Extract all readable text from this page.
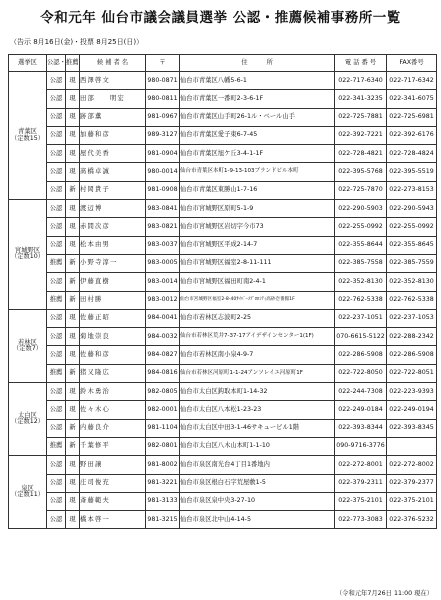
令和元年 仙台市議会議員選挙 公認・推薦候補事務所一覧
（告示 8月16日(金)・投票 8月25日(日)）
選挙区	公認・推薦		候 補 者 名	〒	住　　　所	電 話 番 号	FAX番号

青葉区
（定数15）	公認	現	西澤啓文	980-0871	仙台市青葉区八幡5-6-1	022-717-6340	022-717-6342
	公認	現	田部　　明宏	980-0811	仙台市青葉区一番町2-3-6-1F	022-341-3235	022-341-6075
	公認	現	跡部薫	981-0967	仙台市青葉区山手町26-1ル・ベール山手	022-725-7881	022-725-6981
	公認	現	加藤和彦	989-3127	仙台市青葉区愛子東6-7-45	022-392-7221	022-392-6176
	公認	現	屋代美香	981-0904	仙台市青葉区旭ケ丘3-4-1-1F	022-728-4821	022-728-4824
	公認	現	髙橋卓誠	980-0014	仙台市青葉区本町1-9-13-103ブランドビル本町	022-395-5768	022-395-5519
	公認	新	村岡貴子	981-0908	仙台市青葉区東勝山1-7-16	022-725-7870	022-273-8153

宮城野区
（定数10）	公認	現	渡辺博	983-0841	仙台市宮城野区原町5-1-9	022-290-5903	022-290-5943
	公認	現	赤間次彦	983-0821	仙台市宮城野区岩切字今市73	022-255-0992	022-255-0992
	公認	現	松本由男	983-0037	仙台市宮城野区平成2-14-7	022-355-8644	022-355-8645
	推薦	新	小野寺淳一	983-0005	仙台市宮城野区福室2-8-11-111	022-385-7558	022-385-7559
	公認	新	伊藤直樹	983-0014	仙台市宮城野区福田町南2-4-1	022-352-8130	022-352-8130
	推薦	新	田村勝	983-0012	仙台市宮城野区福室2-8-40ｻｲﾊﾞｰﾒﾌﾟﾛﾛｼﾃｨ高砂壱番館1F	022-762-5338	022-762-5338

若林区
（定数7）	公認	現	佐藤正昭	984-0041	仙台市若林区志波町2-25	022-237-1051	022-237-1053
	公認	現	菊地崇良	984-0032	仙台市若林区荒井7-37-17アイデザインセンター1(1F)	070-6615-5122	022-288-2342
	公認	現	佐藤和彦	984-0827	仙台市若林区南小泉4-9-7	022-286-5908	022-286-5908
	推薦	新	猪又隆広	984-0816	仙台市若林区河原町1-1-24アンソレイユ河原町1F	022-722-8050	022-722-8051

太白区
（定数12）	公認	現	鈴木勇治	982-0805	仙台市太白区鈎取本町1-14-32	022-244-7308	022-223-9393
	公認	現	佐々木心	982-0001	仙台市太白区八本松1-23-23	022-249-0184	022-249-0194
	公認	新	内藤良介	981-1104	仙台市太白区中田3-1-46サキュービル1階	022-393-8344	022-393-8345
	推薦	新	千葉修平	982-0801	仙台市太白区八木山本町1-1-10	090-9716-3776	

泉区
（定数11）	公認	現	野田譲	981-8002	仙台市泉区南光台4丁目1番地内	022-272-8001	022-272-8002
	公認	現	庄司俊充	981-3221	仙台市泉区根白石字荒屋敷1-5	022-379-2311	022-379-2377
	公認	現	斎藤範夫	981-3133	仙台市泉区泉中央3-27-10	022-375-2101	022-375-2101
	公認	現	橋本啓一	981-3215	仙台市泉区北中山4-14-5	022-773-3083	022-376-5232
（令和元年7月26日 11:00 現在）
